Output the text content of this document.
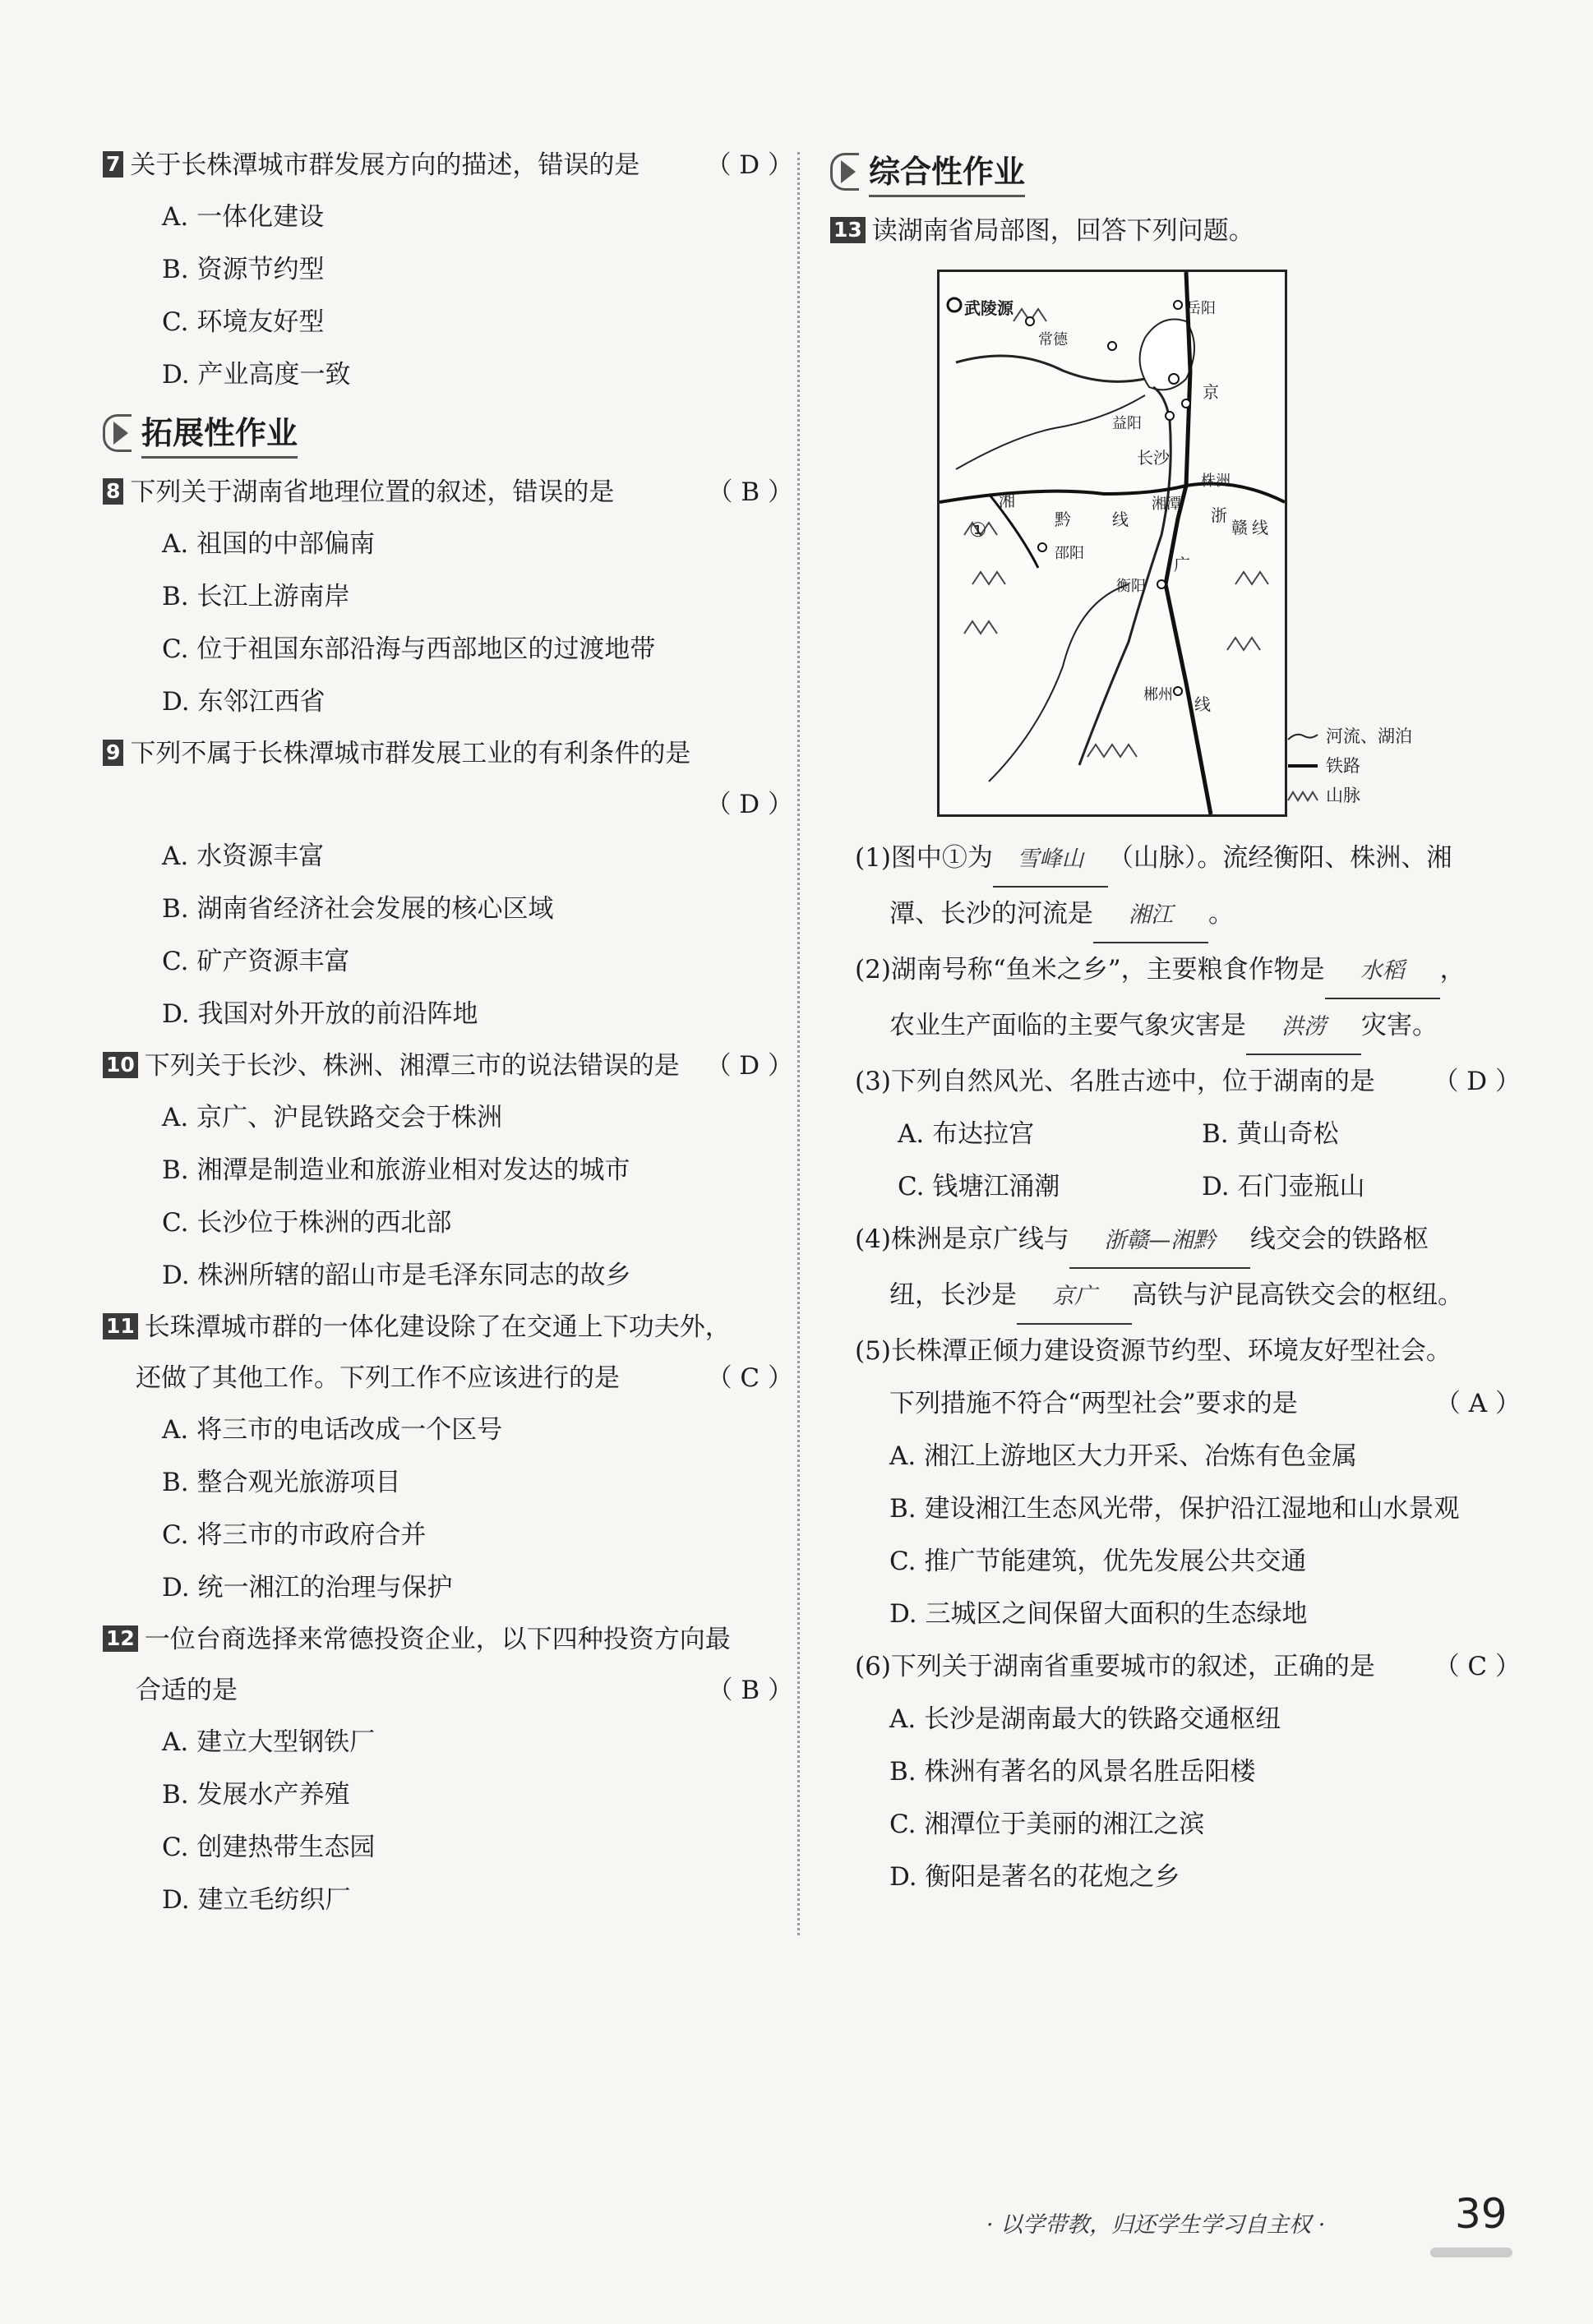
7 关于长株潭城市群发展方向的描述，错误的是	（ D ）
A. 一体化建设
B. 资源节约型
C. 环境友好型
D. 产业高度一致
拓展性作业
8 下列关于湖南省地理位置的叙述，错误的是	（ B ）
A. 祖国的中部偏南
B. 长江上游南岸
C. 位于祖国东部沿海与西部地区的过渡地带
D. 东邻江西省
9 下列不属于长株潭城市群发展工业的有利条件的是
（ D ）
A. 水资源丰富
B. 湖南省经济社会发展的核心区域
C. 矿产资源丰富
D. 我国对外开放的前沿阵地
10 下列关于长沙、株洲、湘潭三市的说法错误的是 （ D ）
A. 京广、沪昆铁路交会于株洲
B. 湘潭是制造业和旅游业相对发达的城市
C. 长沙位于株洲的西北部
D. 株洲所辖的韶山市是毛泽东同志的故乡
11 长珠潭城市群的一体化建设除了在交通上下功夫外，
还做了其他工作。下列工作不应该进行的是	（ C ）
A. 将三市的电话改成一个区号
B. 整合观光旅游项目
C. 将三市的市政府合并
D. 统一湘江的治理与保护
12 一位台商选择来常德投资企业，以下四种投资方向最
合适的是	（ B ）
A. 建立大型钢铁厂
B. 发展水产养殖
C. 创建热带生态园
D. 建立毛纺织厂
综合性作业
13 读湖南省局部图，回答下列问题。
武陵源
常德
岳阳
益阳
长沙
株洲
湘潭
邵阳
衡阳
郴州
①
京
广
线
湘
黔	线	浙
赣 线
河流、湖泊
铁路
山脉
(1)图中①为 雪峰山 （山脉）。流经衡阳、株洲、湘
潭、长沙的河流是 湘江 。
(2)湖南号称“鱼米之乡”，主要粮食作物是 水稻 ，
农业生产面临的主要气象灾害是 洪涝 灾害。
(3)下列自然风光、名胜古迹中，位于湖南的是 （ D ）
A. 布达拉宫	B. 黄山奇松
C. 钱塘江涌潮	D. 石门壶瓶山
(4)株洲是京广线与 浙赣—湘黔 线交会的铁路枢
纽，长沙是 京广 高铁与沪昆高铁交会的枢纽。
(5)长株潭正倾力建设资源节约型、环境友好型社会。
下列措施不符合“两型社会”要求的是	（ A ）
A. 湘江上游地区大力开采、冶炼有色金属
B. 建设湘江生态风光带，保护沿江湿地和山水景观
C. 推广节能建筑，优先发展公共交通
D. 三城区之间保留大面积的生态绿地
(6)下列关于湖南省重要城市的叙述，正确的是 （ C ）
A. 长沙是湖南最大的铁路交通枢纽
B. 株洲有著名的风景名胜岳阳楼
C. 湘潭位于美丽的湘江之滨
D. 衡阳是著名的花炮之乡
· 以学带教，归还学生学习自主权 ·	39
